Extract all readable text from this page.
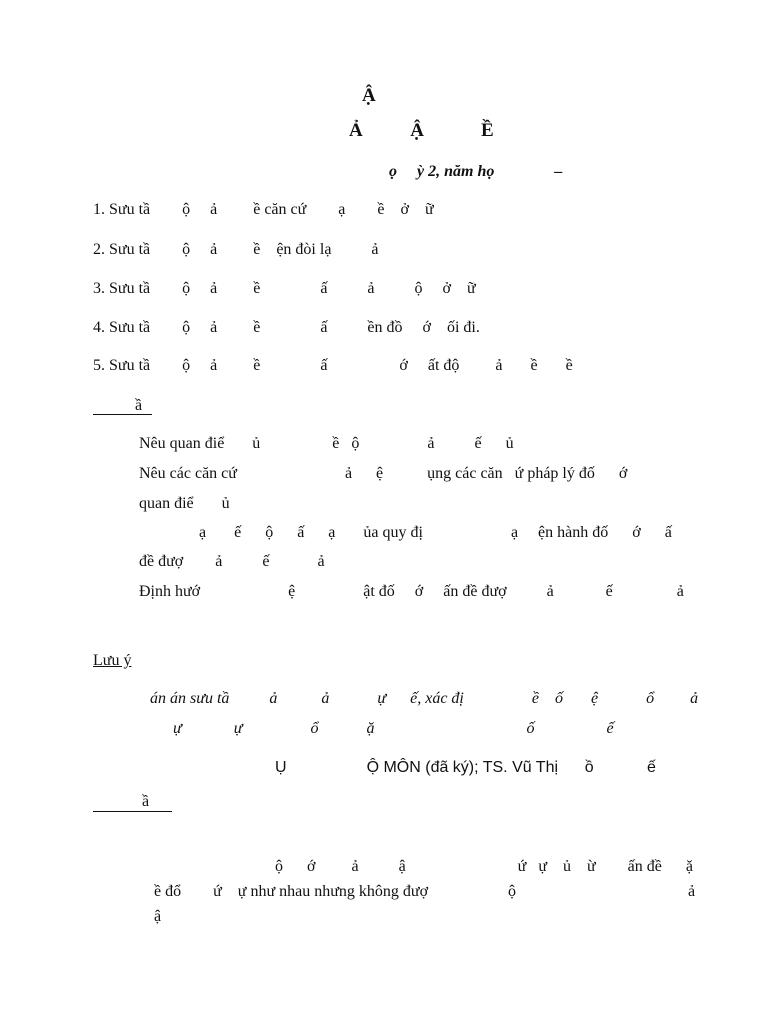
Ậ
Ả          Ậ            Ề
ọ     ỳ 2, năm họ               –
1. Sưu tầ        ộ     ả         ề căn cứ        ạ        ề    ở    ữ
2. Sưu tầ        ộ     ả         ề    ện đòi lạ          ả
3. Sưu tầ        ộ     ả         ề               ấ          ả          ộ     ở    ữ
4. Sưu tầ        ộ     ả         ề               ấ          ền đồ     ớ    ối đi.
5. Sưu tầ        ộ     ả         ề               ấ                  ớ     ất độ         ả       ề       ề
ầ
Nêu quan điể       ủ                  ề   ộ                 ả          ế      ủ
Nêu các căn cứ                           ả      ệ           ụng các căn   ứ pháp lý đố      ớ
quan điể       ủ
ạ       ế      ộ      ấ      ạ       ủa quy đị                      ạ     ện hành đố      ớ      ấ
đề đượ        ả          ế            ả
Định hướ                      ệ                 ật đố     ớ     ấn đề đượ          ả             ế                ả
Lưu ý
án án sưu tầ          ả           ả            ự      ế, xác đị                 ề    ố       ệ            ổ         ả
ự             ự                 ổ            ặ                                      ố                  ế
Ụ                  Ộ MÔN (đã ký); TS. Vũ Thị      ồ            ế
ầ
ộ      ớ         ả          ậ                            ứ   ự    ủ    ừ        ấn đề      ặ
ề đổ        ứ    ự như nhau nhưng không đượ                    ộ                                           ả
ậ
